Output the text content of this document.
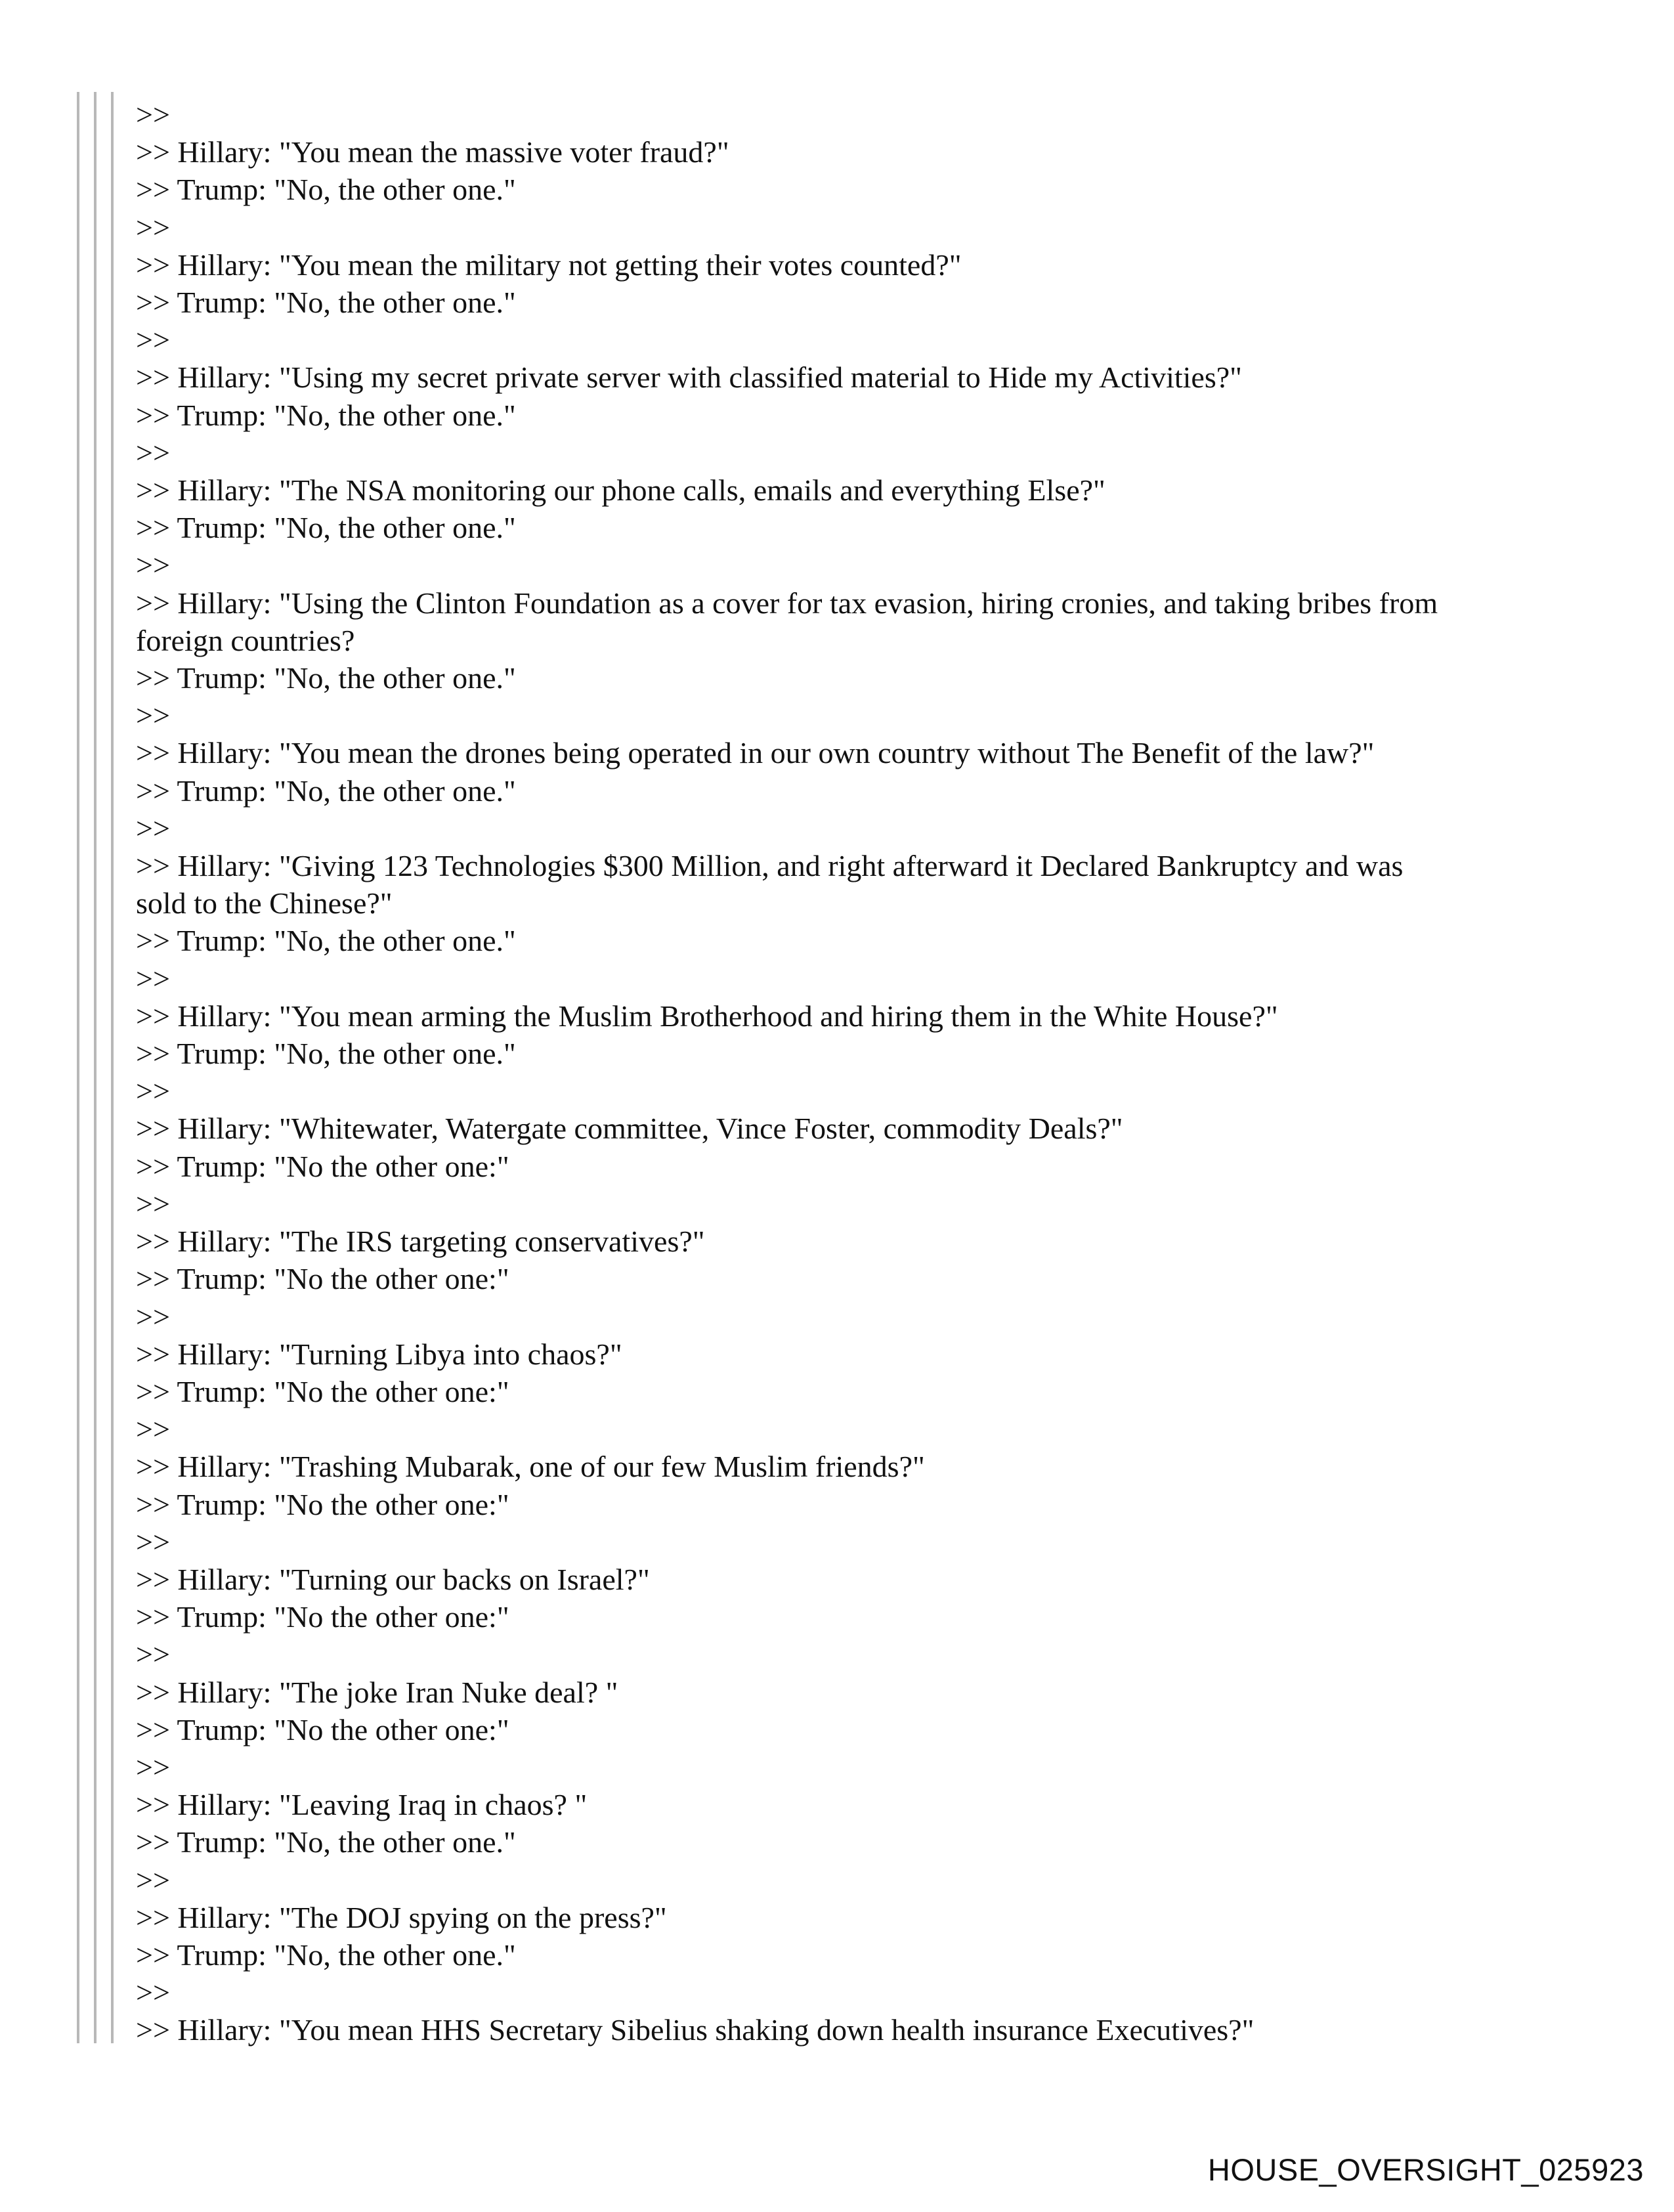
>>
>> Hillary: "You mean the massive voter fraud?"
>> Trump: "No, the other one."
>>
>> Hillary: "You mean the military not getting their votes counted?"
>> Trump: "No, the other one."
>>
>> Hillary: "Using my secret private server with classified material to Hide my Activities?"
>> Trump: "No, the other one."
>>
>> Hillary: "The NSA monitoring our phone calls, emails and everything Else?"
>> Trump: "No, the other one."
>>
>> Hillary: "Using the Clinton Foundation as a cover for tax evasion, hiring cronies, and taking bribes from
foreign countries?
>> Trump: "No, the other one."
>>
>> Hillary: "You mean the drones being operated in our own country without The Benefit of the law?"
>> Trump: "No, the other one."
>>
>> Hillary: "Giving 123 Technologies $300 Million, and right afterward it Declared Bankruptcy and was
sold to the Chinese?"
>> Trump: "No, the other one."
>>
>> Hillary: "You mean arming the Muslim Brotherhood and hiring them in the White House?"
>> Trump: "No, the other one."
>>
>> Hillary: "Whitewater, Watergate committee, Vince Foster, commodity Deals?"
>> Trump: "No the other one:"
>>
>> Hillary: "The IRS targeting conservatives?"
>> Trump: "No the other one:"
>>
>> Hillary: "Turning Libya into chaos?"
>> Trump: "No the other one:"
>>
>> Hillary: "Trashing Mubarak, one of our few Muslim friends?"
>> Trump: "No the other one:"
>>
>> Hillary: "Turning our backs on Israel?"
>> Trump: "No the other one:"
>>
>> Hillary: "The joke Iran Nuke deal? "
>> Trump: "No the other one:"
>>
>> Hillary: "Leaving Iraq in chaos? "
>> Trump: "No, the other one."
>>
>> Hillary: "The DOJ spying on the press?"
>> Trump: "No, the other one."
>>
>> Hillary: "You mean HHS Secretary Sibelius shaking down health insurance Executives?"
HOUSE_OVERSIGHT_025923
